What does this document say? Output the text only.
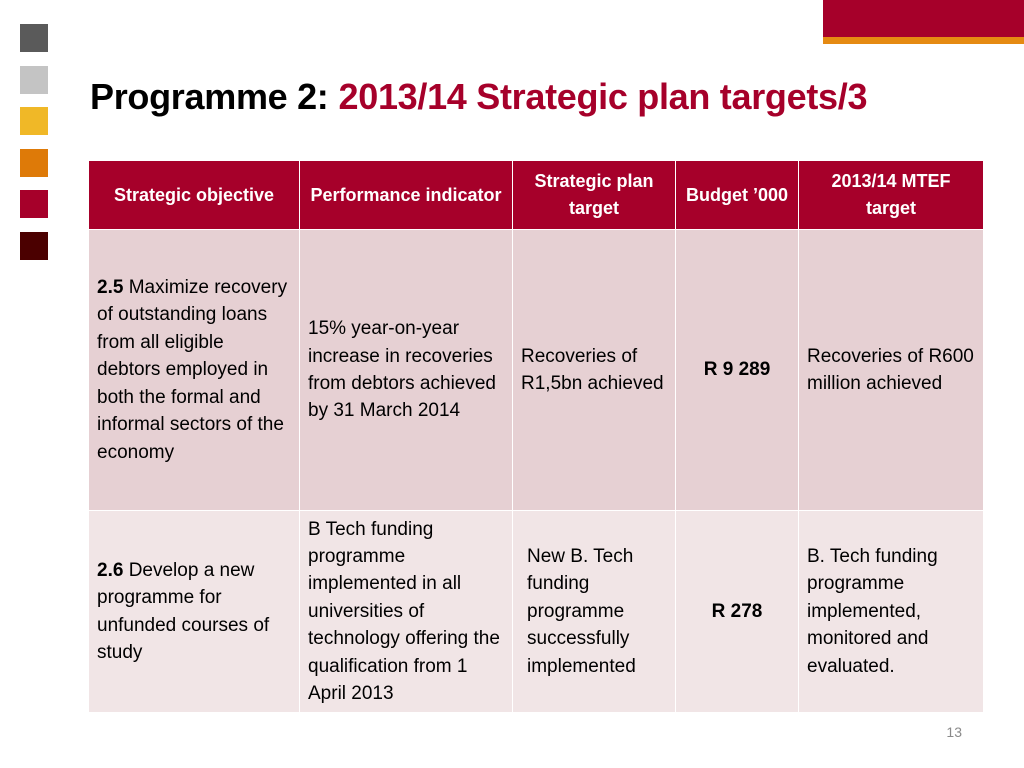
Programme 2: 2013/14 Strategic plan targets/3
Strategic objective	Performance indicator	Strategic plan target	Budget ’000	2013/14 MTEF target
2.5 Maximize recovery of outstanding loans from all eligible debtors employed in both the formal and informal sectors of the economy	15% year-on-year increase in recoveries from debtors achieved by 31 March 2014	Recoveries of R1,5bn achieved	R 9 289	Recoveries of R600 million achieved
2.6 Develop a new programme for unfunded courses of study	B Tech funding programme implemented in all universities of technology offering the qualification from 1 April 2013	New B. Tech funding programme successfully implemented	R 278	B. Tech funding programme implemented, monitored and evaluated.
13
